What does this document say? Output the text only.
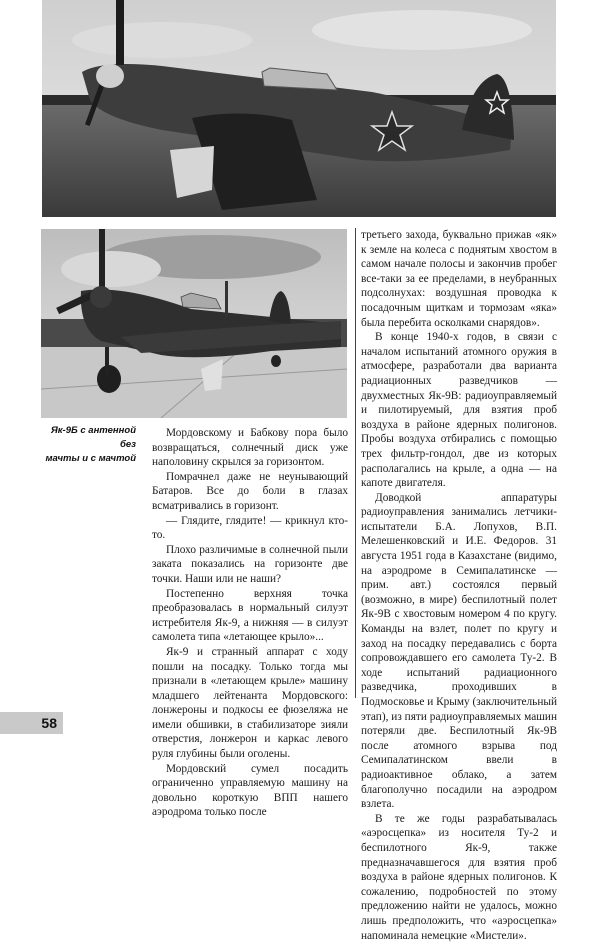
Як-9Б с антенной без
мачты и с мачтой

Мордовскому и Бабкову пора было возвращаться, солнечный диск уже наполовину скрылся за горизонтом.

Помрачнел даже не неунывающий Батаров. Все до боли в глазах всматривались в горизонт.

— Глядите, глядите! — крикнул кто-то.

Плохо различимые в солнечной пыли заката показались на горизонте две точки. Наши или не наши?

Постепенно верхняя точка преобразовалась в нормальный силуэт истребителя Як-9, а нижняя — в силуэт самолета типа «летающее крыло»...

Як-9 и странный аппарат с ходу пошли на посадку. Только тогда мы признали в «летающем крыле» машину младшего лейтенанта Мордовского: лонжероны и подкосы ее фюзеляжа не имели обшивки, в стабилизаторе зияли отверстия, лонжерон и каркас левого руля глубины были оголены.

Мордовский сумел посадить ограниченно управляемую машину на довольно короткую ВПП нашего аэродрома только после

третьего захода, буквально прижав «як» к земле на колеса с поднятым хвостом в самом начале полосы и закончив пробег все-таки за ее пределами, в неубранных подсолнухах: воздушная проводка к посадочным щиткам и тормозам «яка» была перебита осколками снарядов».

В конце 1940-х годов, в связи с началом испытаний атомного оружия в атмосфере, разработали два варианта радиационных разведчиков — двухместных Як-9В: радиоуправляемый и пилотируемый, для взятия проб воздуха в районе ядерных полигонов. Пробы воздуха отбирались с помощью трех фильтр-гондол, две из которых располагались на крыле, а одна — на капоте двигателя.

Доводкой аппаратуры радиоуправления занимались летчики-испытатели Б.А. Лопухов, В.П. Мелешенковский и И.Е. Федоров. 31 августа 1951 года в Казахстане (видимо, на аэродроме в Семипалатинске — прим. авт.) состоялся первый (возможно, в мире) беспилотный полет Як-9В с хвостовым номером 4 по кругу. Команды на взлет, полет по кругу и заход на посадку передавались с борта сопровождавшего его самолета Ту-2. В ходе испытаний радиационного разведчика, проходивших в Подмосковье и Крыму (заключительный этап), из пяти радиоуправляемых машин потеряли две. Беспилотный Як-9В после атомного взрыва под Семипалатинском ввели в радиоактивное облако, а затем благополучно посадили на аэродром взлета.

В те же годы разрабатывалась «аэросцепка» из носителя Ту-2 и беспилотного Як-9, также предназначавшегося для взятия проб воздуха в районе ядерных полигонов. К сожалению, подробностей по этому предложению найти не удалось, можно лишь предположить, что «аэросцепка» напоминала немецкие «Мистели».

58
